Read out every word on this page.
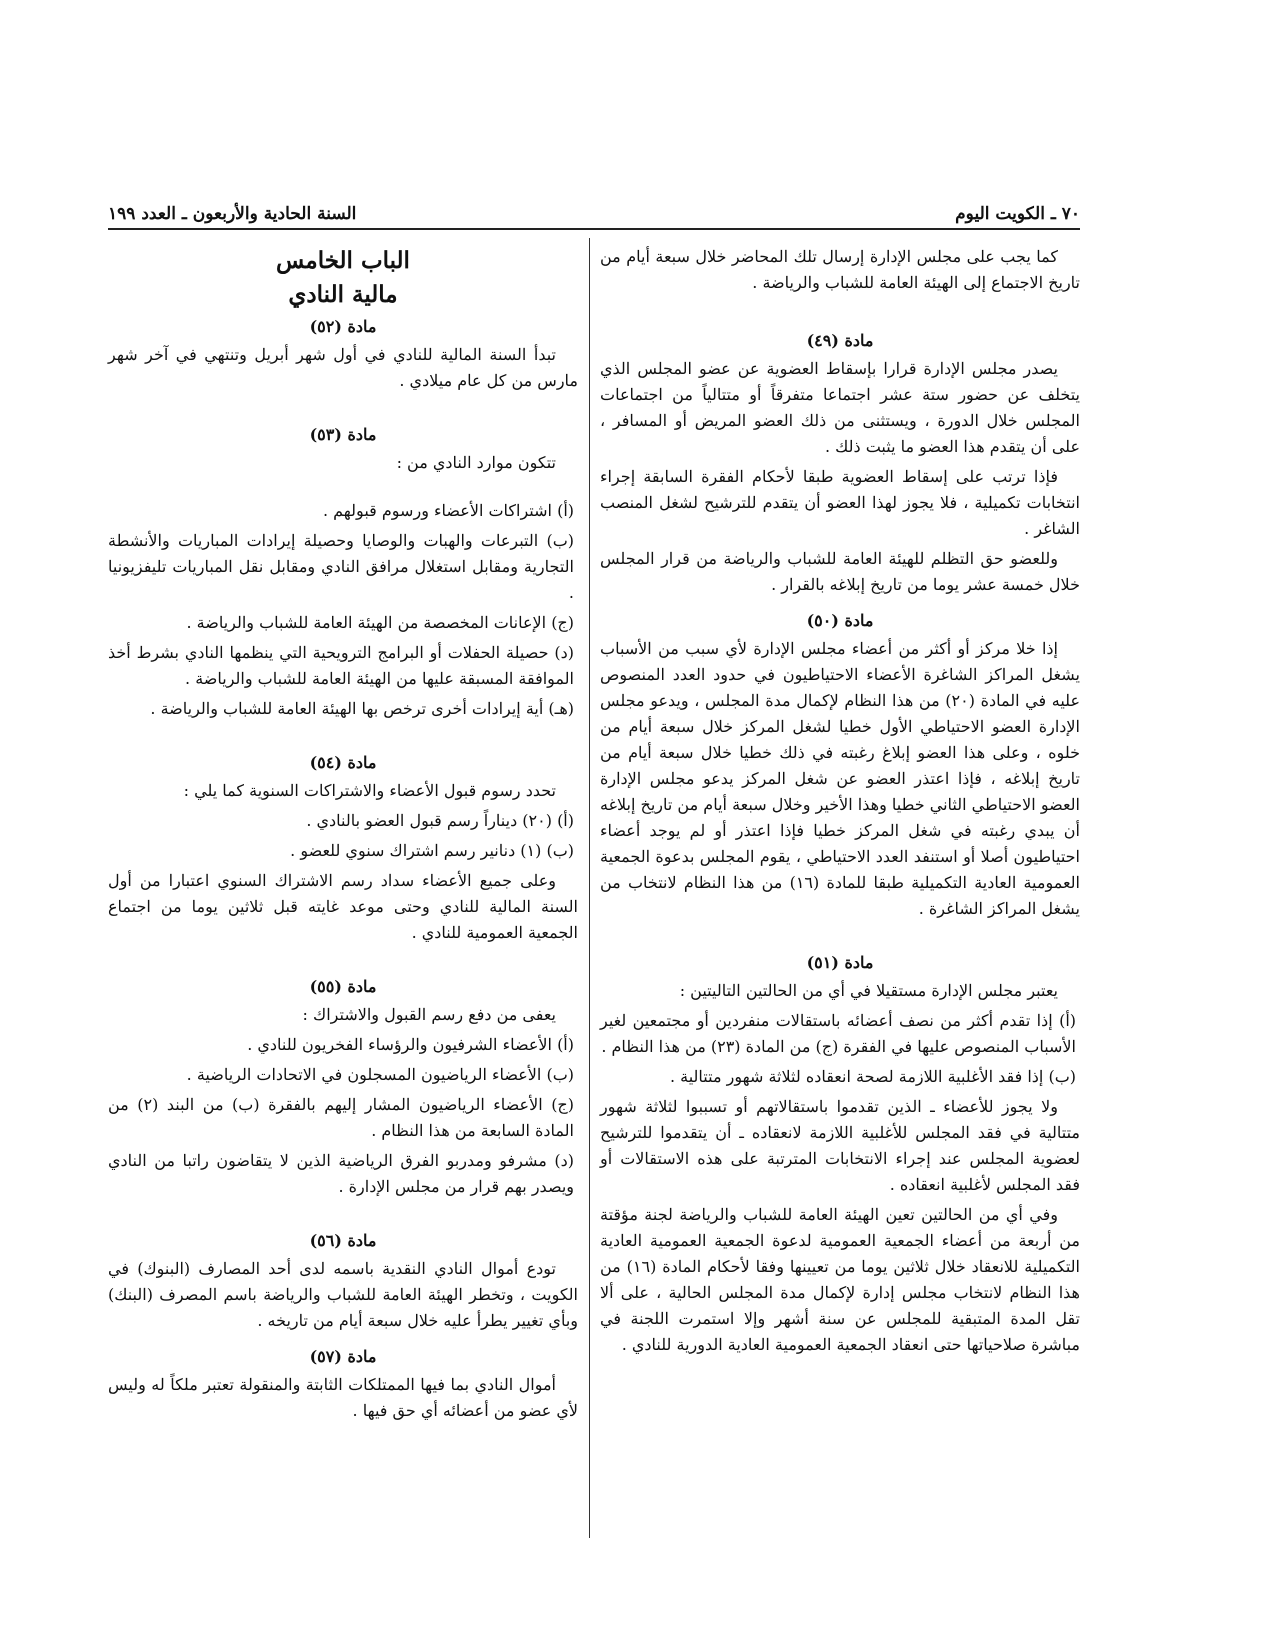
٧٠ ـ الكويت اليوم
السنة الحادية والأربعون ـ العدد ١٩٩

كما يجب على مجلس الإدارة إرسال تلك المحاضر خلال سبعة أيام من تاريخ الاجتماع إلى الهيئة العامة للشباب والرياضة .

مادة (٤٩)

يصدر مجلس الإدارة قرارا بإسقاط العضوية عن عضو المجلس الذي يتخلف عن حضور ستة عشر اجتماعا متفرقاً أو متتالياً من اجتماعات المجلس خلال الدورة ، ويستثنى من ذلك العضو المريض أو المسافر ، على أن يتقدم هذا العضو ما يثبت ذلك .

فإذا ترتب على إسقاط العضوية طبقا لأحكام الفقرة السابقة إجراء انتخابات تكميلية ، فلا يجوز لهذا العضو أن يتقدم للترشيح لشغل المنصب الشاغر .

وللعضو حق التظلم للهيئة العامة للشباب والرياضة من قرار المجلس خلال خمسة عشر يوما من تاريخ إبلاغه بالقرار .

مادة (٥٠)

إذا خلا مركز أو أكثر من أعضاء مجلس الإدارة لأي سبب من الأسباب يشغل المراكز الشاغرة الأعضاء الاحتياطيون في حدود العدد المنصوص عليه في المادة (٢٠) من هذا النظام لإكمال مدة المجلس ، ويدعو مجلس الإدارة العضو الاحتياطي الأول خطيا لشغل المركز خلال سبعة أيام من خلوه ، وعلى هذا العضو إبلاغ رغبته في ذلك خطيا خلال سبعة أيام من تاريخ إبلاغه ، فإذا اعتذر العضو عن شغل المركز يدعو مجلس الإدارة العضو الاحتياطي الثاني خطيا وهذا الأخير وخلال سبعة أيام من تاريخ إبلاغه أن يبدي رغبته في شغل المركز خطيا فإذا اعتذر أو لم يوجد أعضاء احتياطيون أصلا أو استنفد العدد الاحتياطي ، يقوم المجلس بدعوة الجمعية العمومية العادية التكميلية طبقا للمادة (١٦) من هذا النظام لانتخاب من يشغل المراكز الشاغرة .

مادة (٥١)

يعتبر مجلس الإدارة مستقيلا في أي من الحالتين التاليتين :

(أ) إذا تقدم أكثر من نصف أعضائه باستقالات منفردين أو مجتمعين لغير الأسباب المنصوص عليها في الفقرة (ج) من المادة (٢٣) من هذا النظام .

(ب) إذا فقد الأغلبية اللازمة لصحة انعقاده لثلاثة شهور متتالية .

ولا يجوز للأعضاء ـ الذين تقدموا باستقالاتهم أو تسببوا لثلاثة شهور متتالية في فقد المجلس للأغلبية اللازمة لانعقاده ـ أن يتقدموا للترشيح لعضوية المجلس عند إجراء الانتخابات المترتبة على هذه الاستقالات أو فقد المجلس لأغلبية انعقاده .

وفي أي من الحالتين تعين الهيئة العامة للشباب والرياضة لجنة مؤقتة من أربعة من أعضاء الجمعية العمومية لدعوة الجمعية العمومية العادية التكميلية للانعقاد خلال ثلاثين يوما من تعيينها وفقا لأحكام المادة (١٦) من هذا النظام لانتخاب مجلس إدارة لإكمال مدة المجلس الحالية ، على ألا تقل المدة المتبقية للمجلس عن سنة أشهر وإلا استمرت اللجنة في مباشرة صلاحياتها حتى انعقاد الجمعية العمومية العادية الدورية للنادي .

الباب الخامس
مالية النادي
مادة (٥٢)

تبدأ السنة المالية للنادي في أول شهر أبريل وتنتهي في آخر شهر مارس من كل عام ميلادي .

مادة (٥٣)

تتكون موارد النادي من :

(أ) اشتراكات الأعضاء ورسوم قبولهم .

(ب) التبرعات والهبات والوصايا وحصيلة إيرادات المباريات والأنشطة التجارية ومقابل استغلال مرافق النادي ومقابل نقل المباريات تليفزيونيا .

(ج) الإعانات المخصصة من الهيئة العامة للشباب والرياضة .

(د) حصيلة الحفلات أو البرامج الترويحية التي ينظمها النادي بشرط أخذ الموافقة المسبقة عليها من الهيئة العامة للشباب والرياضة .

(هـ) أية إيرادات أخرى ترخص بها الهيئة العامة للشباب والرياضة .

مادة (٥٤)

تحدد رسوم قبول الأعضاء والاشتراكات السنوية كما يلي :

(أ) (٢٠) ديناراً رسم قبول العضو بالنادي .

(ب) (١) دنانير رسم اشتراك سنوي للعضو .

وعلى جميع الأعضاء سداد رسم الاشتراك السنوي اعتبارا من أول السنة المالية للنادي وحتى موعد غايته قبل ثلاثين يوما من اجتماع الجمعية العمومية للنادي .

مادة (٥٥)

يعفى من دفع رسم القبول والاشتراك :

(أ) الأعضاء الشرفيون والرؤساء الفخريون للنادي .

(ب) الأعضاء الرياضيون المسجلون في الاتحادات الرياضية .

(ج) الأعضاء الرياضيون المشار إليهم بالفقرة (ب) من البند (٢) من المادة السابعة من هذا النظام .

(د) مشرفو ومدربو الفرق الرياضية الذين لا يتقاضون راتبا من النادي ويصدر بهم قرار من مجلس الإدارة .

مادة (٥٦)

تودع أموال النادي النقدية باسمه لدى أحد المصارف (البنوك) في الكويت ، وتخطر الهيئة العامة للشباب والرياضة باسم المصرف (البنك) وبأي تغيير يطرأ عليه خلال سبعة أيام من تاريخه .

مادة (٥٧)

أموال النادي بما فيها الممتلكات الثابتة والمنقولة تعتبر ملكاً له وليس لأي عضو من أعضائه أي حق فيها .
